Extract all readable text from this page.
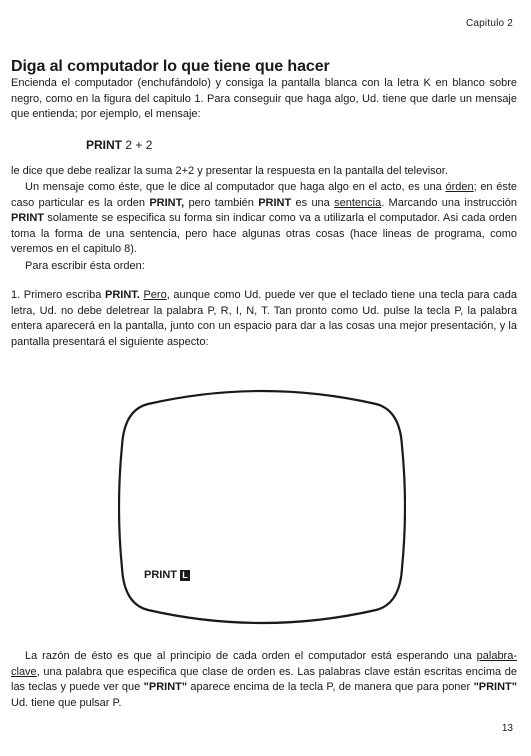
Capitulo 2
Diga al computador lo que tiene que hacer

Encienda el computador (enchufándolo) y consiga la pantalla blanca con la letra K en blanco sobre negro, como en la figura del capitulo 1. Para conseguir que haga algo, Ud. tiene que darle un mensaje que entienda; por ejemplo, el mensaje:

PRINT 2 + 2

le dice que debe realizar la suma 2+2 y presentar la respuesta en la pantalla del televisor.

Un mensaje como éste, que le dice al computador que haga algo en el acto, es una órden; en éste caso particular es la orden PRINT, pero también PRINT es una sentencia. Marcando una instrucción PRINT solamente se especifica su forma sin indicar como va a utilizarla el computador. Asi cada orden toma la forma de una sentencia, pero hace algunas otras cosas (hace lineas de programa, como veremos en el capitulo 8).

Para escribir ésta orden:

1. Primero escriba PRINT. Pero, aunque como Ud. puede ver que el teclado tiene una tecla para cada letra, Ud. no debe deletrear la palabra P, R, I, N, T. Tan pronto como Ud. pulse la tecla P, la palabra entera aparecerá en la pantalla, junto con un espacio para dar a las cosas una mejor presentación, y la pantalla presentará el siguiente aspecto:

PRINT L

La razón de ésto es que al principio de cada orden el computador está esperando una palabra-clave, una palabra que especifica que clase de orden es. Las palabras clave están escritas encima de las teclas y puede ver que "PRINT" aparece encima de la tecla P, de manera que para poner "PRINT" Ud. tiene que pulsar P.

13
